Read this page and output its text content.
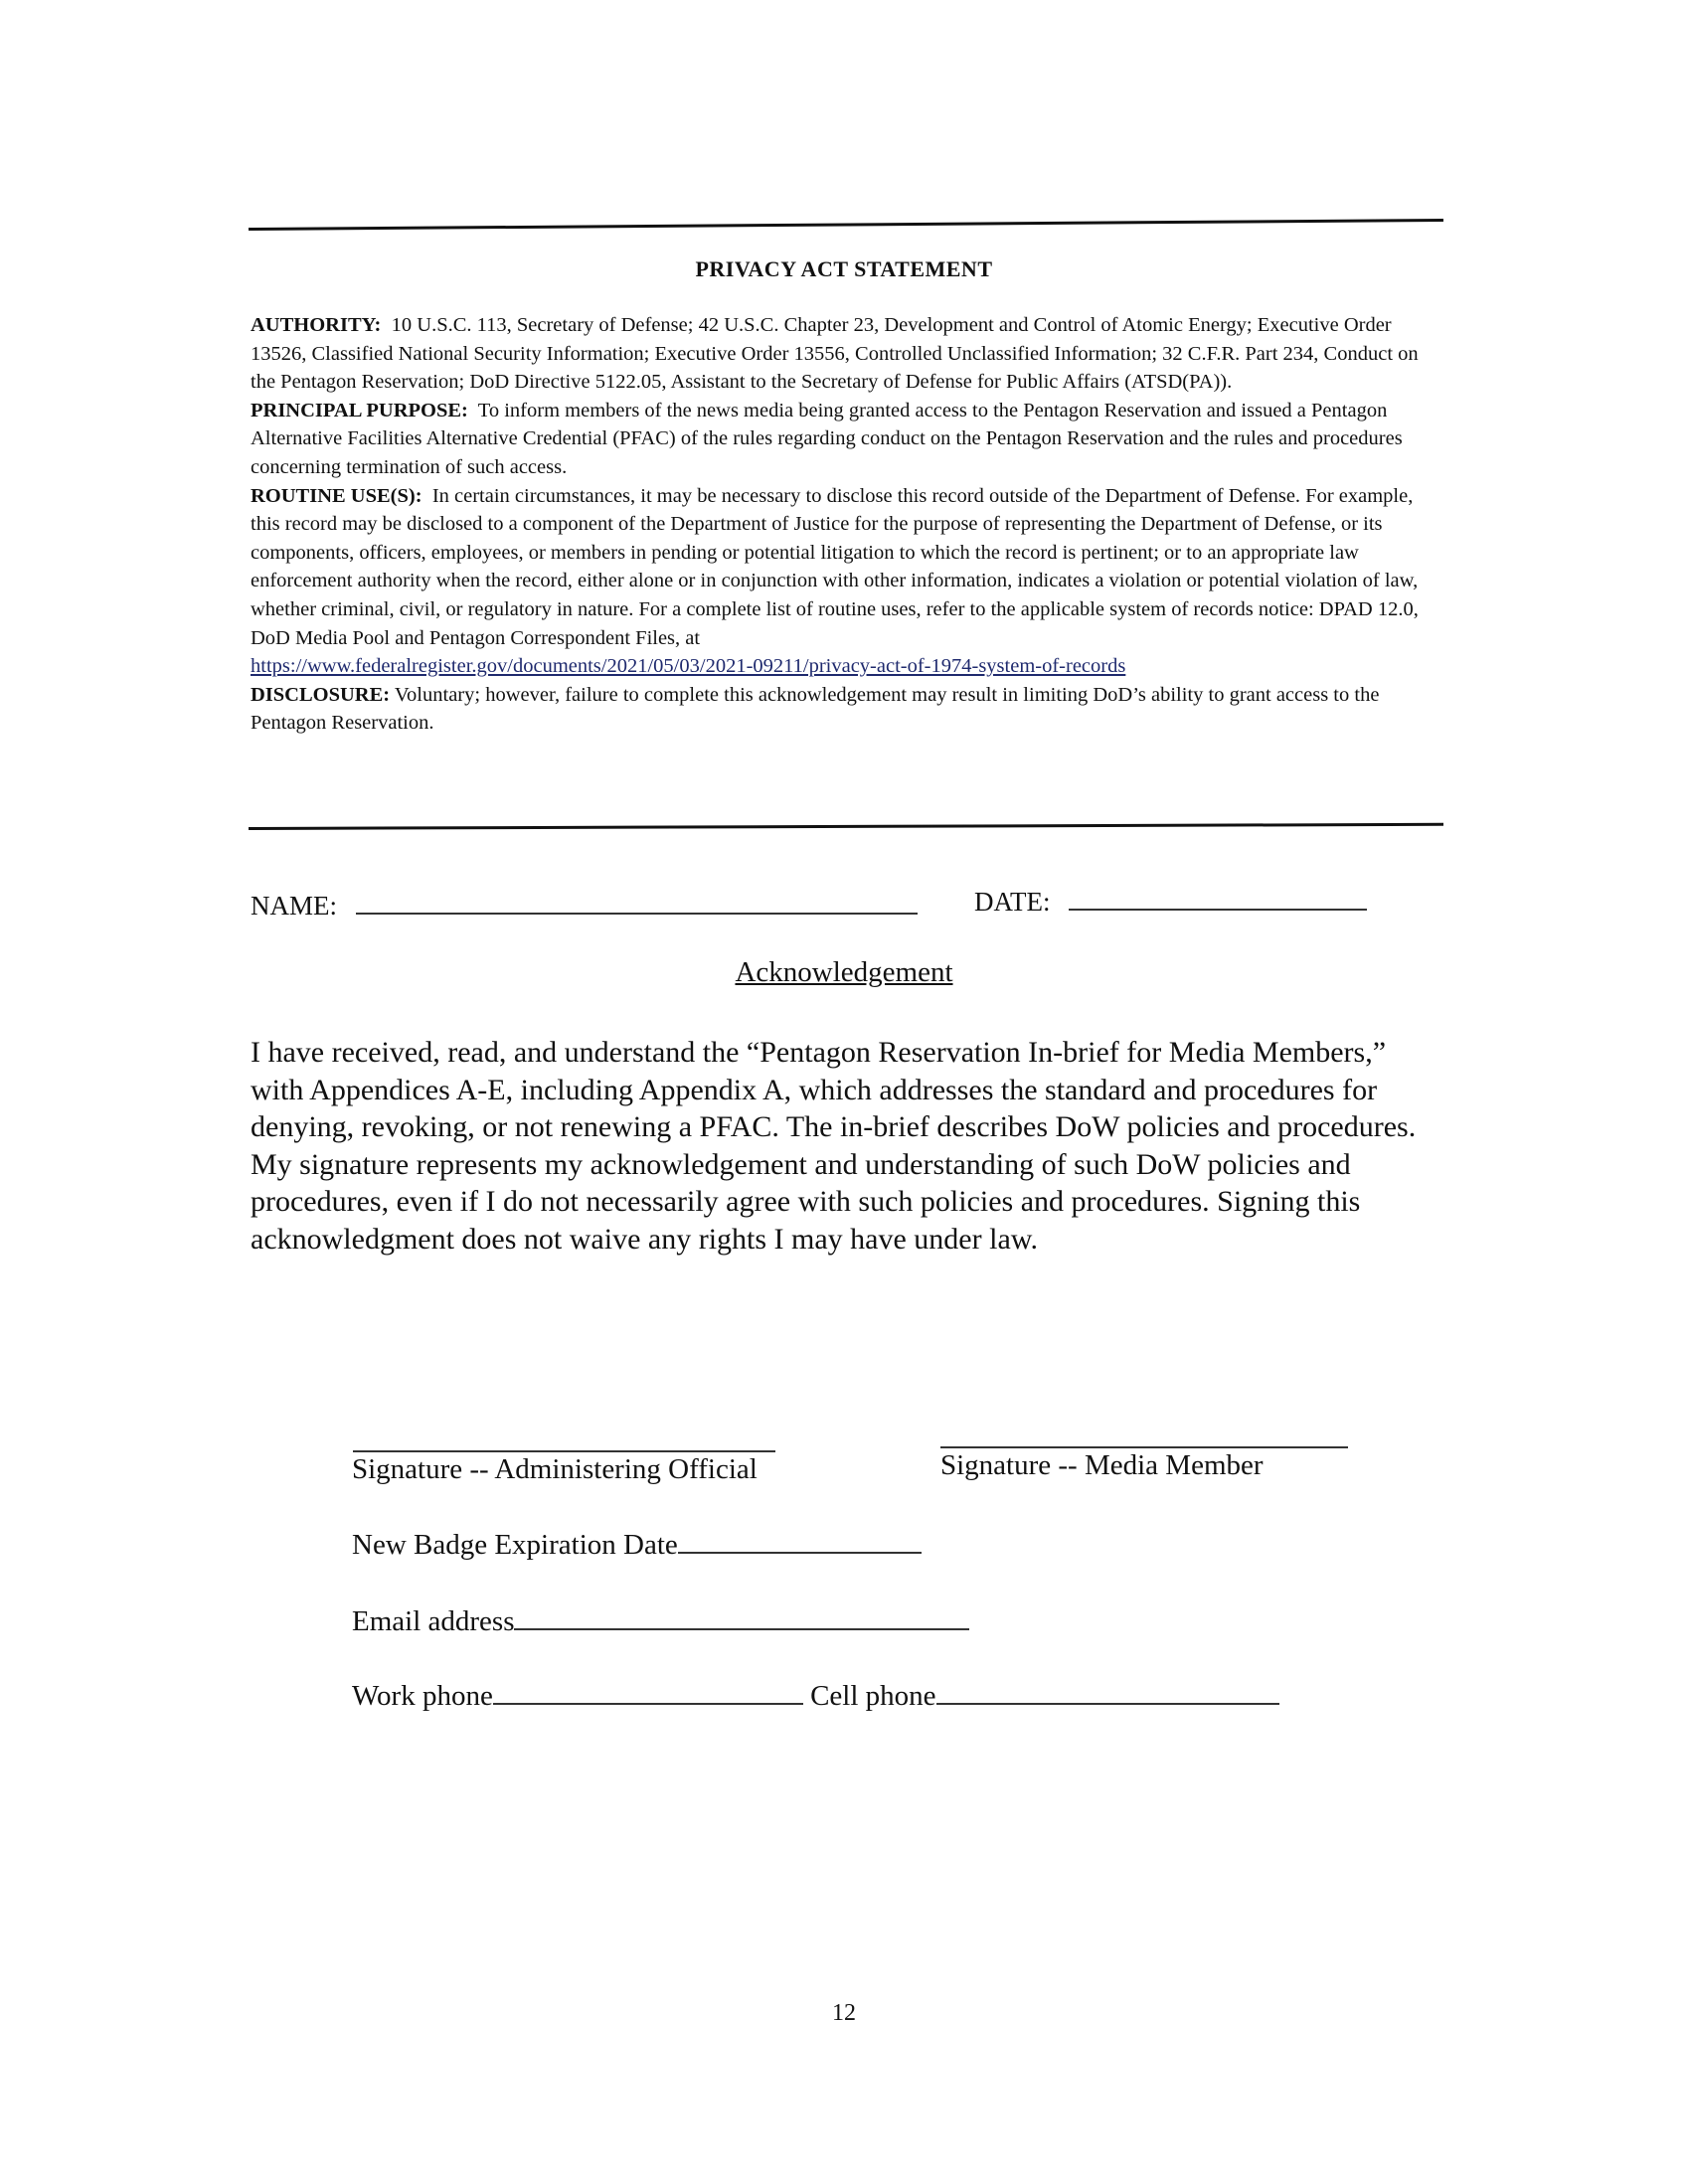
PRIVACY ACT STATEMENT

AUTHORITY: 10 U.S.C. 113, Secretary of Defense; 42 U.S.C. Chapter 23, Development and Control of Atomic Energy; Executive Order 13526, Classified National Security Information; Executive Order 13556, Controlled Unclassified Information; 32 C.F.R. Part 234, Conduct on the Pentagon Reservation; DoD Directive 5122.05, Assistant to the Secretary of Defense for Public Affairs (ATSD(PA)).

PRINCIPAL PURPOSE: To inform members of the news media being granted access to the Pentagon Reservation and issued a Pentagon Alternative Facilities Alternative Credential (PFAC) of the rules regarding conduct on the Pentagon Reservation and the rules and procedures concerning termination of such access.

ROUTINE USE(S): In certain circumstances, it may be necessary to disclose this record outside of the Department of Defense. For example, this record may be disclosed to a component of the Department of Justice for the purpose of representing the Department of Defense, or its components, officers, employees, or members in pending or potential litigation to which the record is pertinent; or to an appropriate law enforcement authority when the record, either alone or in conjunction with other information, indicates a violation or potential violation of law, whether criminal, civil, or regulatory in nature. For a complete list of routine uses, refer to the applicable system of records notice: DPAD 12.0, DoD Media Pool and Pentagon Correspondent Files, at
https://www.federalregister.gov/documents/2021/05/03/2021-09211/privacy-act-of-1974-system-of-records

DISCLOSURE: Voluntary; however, failure to complete this acknowledgement may result in limiting DoD’s ability to grant access to the Pentagon Reservation.

NAME:	DATE:
Acknowledgement
I have received, read, and understand the “Pentagon Reservation In-brief for Media Members,” with Appendices A-E, including Appendix A, which addresses the standard and procedures for denying, revoking, or not renewing a PFAC. The in-brief describes DoW policies and procedures. My signature represents my acknowledgement and understanding of such DoW policies and procedures, even if I do not necessarily agree with such policies and procedures. Signing this acknowledgment does not waive any rights I may have under law.
Signature -- Administering Official	Signature -- Media Member
New Badge Expiration Date
Email address
Work phone	Cell phone
12
